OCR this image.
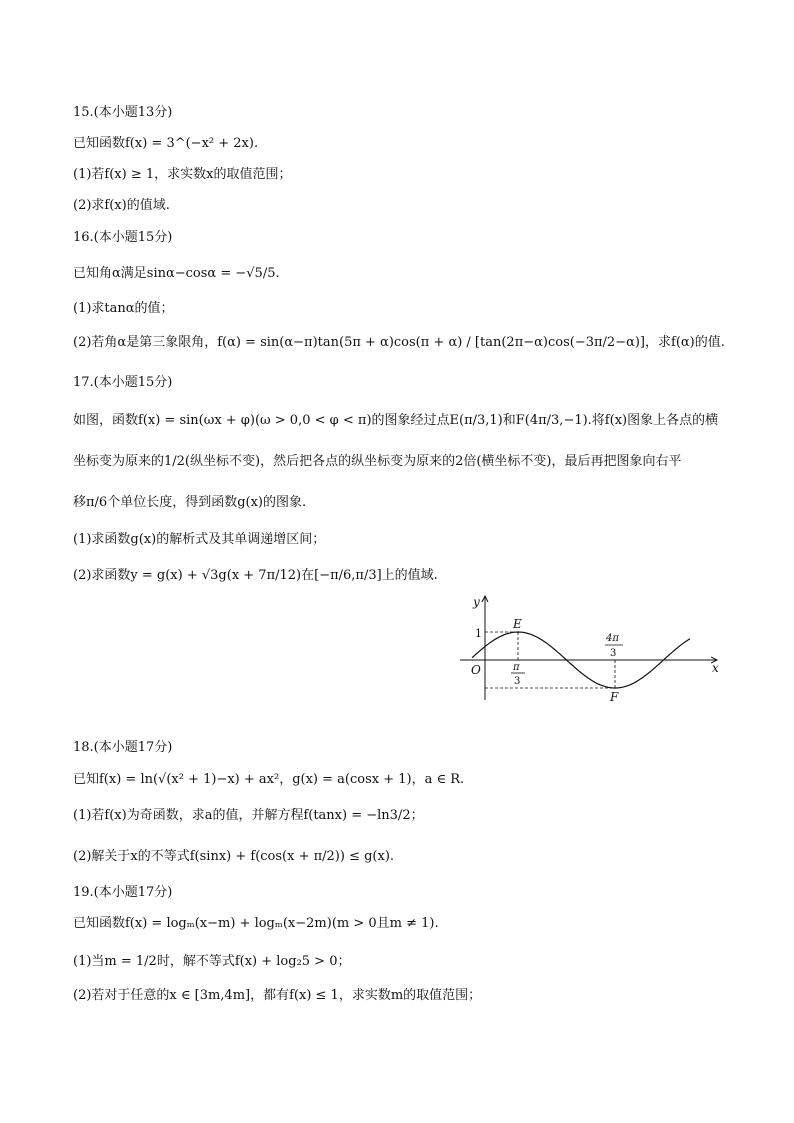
15.(本小题13分)
已知函数f(x) = 3^(−x² + 2x).
(1)若f(x) ≥ 1，求实数x的取值范围；
(2)求f(x)的值域.
16.(本小题15分)
已知角α满足sinα−cosα = −√5/5.
(1)求tanα的值；
(2)若角α是第三象限角，f(α) = sin(α−π)tan(5π + α)cos(π + α) / [tan(2π−α)cos(−3π/2−α)]，求f(α)的值.
17.(本小题15分)
如图，函数f(x) = sin(ωx + φ)(ω > 0,0 < φ < π)的图象经过点E(π/3,1)和F(4π/3,−1).将f(x)图象上各点的横
坐标变为原来的1/2(纵坐标不变)，然后把各点的纵坐标变为原来的2倍(横坐标不变)，最后再把图象向右平
移π/6个单位长度，得到函数g(x)的图象.
(1)求函数g(x)的解析式及其单调递增区间；
(2)求函数y = g(x) + √3g(x + 7π/12)在[−π/6,π/3]上的值域.
y
x
O
1
E
F
π
3
4π
3
18.(本小题17分)
已知f(x) = ln(√(x² + 1)−x) + ax²，g(x) = a(cosx + 1)，a ∈ R.
(1)若f(x)为奇函数，求a的值，并解方程f(tanx) = −ln3/2；
(2)解关于x的不等式f(sinx) + f(cos(x + π/2)) ≤ g(x).
19.(本小题17分)
已知函数f(x) = logₘ(x−m) + logₘ(x−2m)(m > 0且m ≠ 1).
(1)当m = 1/2时，解不等式f(x) + log₂5 > 0；
(2)若对于任意的x ∈ [3m,4m]，都有f(x) ≤ 1，求实数m的取值范围；
